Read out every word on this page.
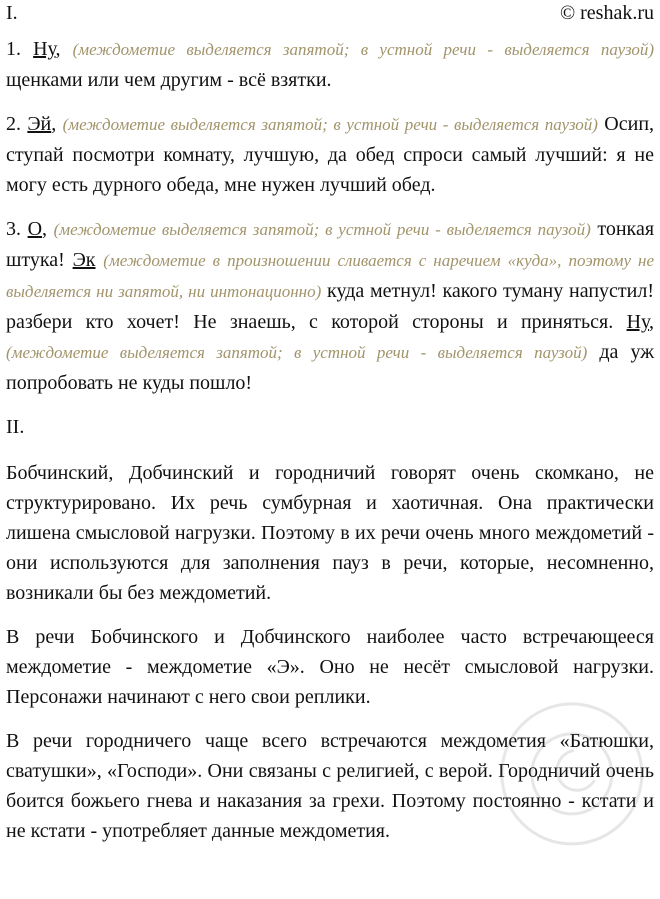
I.	© reshak.ru

1. Ну, (междометие выделяется запятой; в устной речи - выделяется паузой) щенками или чем другим - всё взятки.

2. Эй, (междометие выделяется запятой; в устной речи - выделяется паузой) Осип, ступай посмотри комнату, лучшую, да обед спроси самый лучший: я не могу есть дурного обеда, мне нужен лучший обед.

3. О, (междометие выделяется запятой; в устной речи - выделяется паузой) тонкая штука! Эк (междометие в произношении сливается с наречием «куда», поэтому не выделяется ни запятой, ни интонационно) куда метнул! какого туману напустил! разбери кто хочет! Не знаешь, с которой стороны и приняться. Ну, (междометие выделяется запятой; в устной речи - выделяется паузой) да уж попробовать не куды пошло!

II.

Бобчинский, Добчинский и городничий говорят очень скомкано, не структурировано. Их речь сумбурная и хаотичная. Она практически лишена смысловой нагрузки. Поэтому в их речи очень много междометий - они используются для заполнения пауз в речи, которые, несомненно, возникали бы без междометий.

В речи Бобчинского и Добчинского наиболее часто встречающееся междометие - междометие «Э». Оно не несёт смысловой нагрузки. Персонажи начинают с него свои реплики.

В речи городничего чаще всего встречаются междометия «Батюшки, сватушки», «Господи». Они связаны с религией, с верой. Городничий очень боится божьего гнева и наказания за грехи. Поэтому постоянно - кстати и не кстати - употребляет данные междометия.
